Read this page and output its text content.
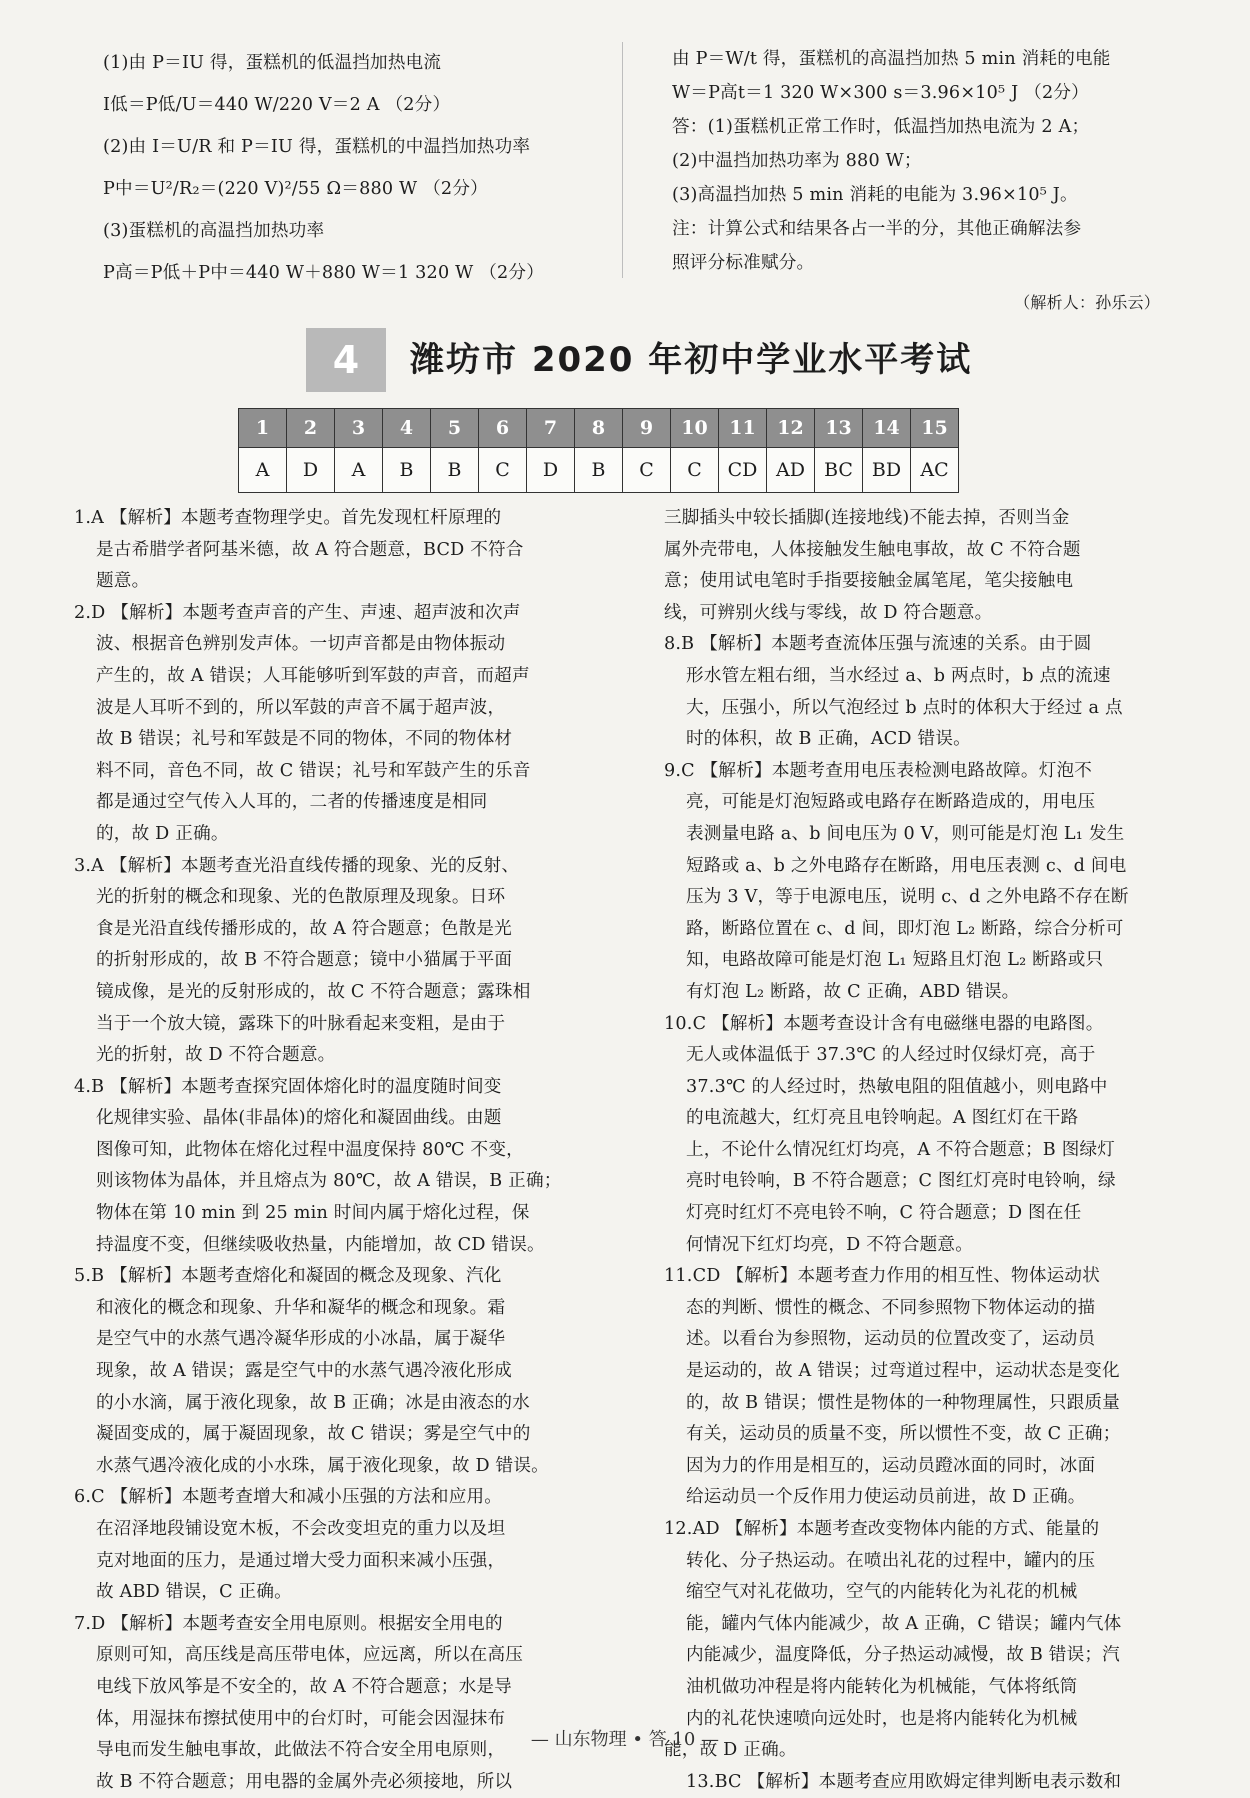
(1)由 P＝IU 得，蛋糕机的低温挡加热电流
I低＝P低/U＝440 W/220 V＝2 A （2分）
(2)由 I＝U/R 和 P＝IU 得，蛋糕机的中温挡加热功率
P中＝U²/R₂＝(220 V)²/55 Ω＝880 W （2分）
(3)蛋糕机的高温挡加热功率
P高＝P低＋P中＝440 W＋880 W＝1 320 W （2分）
由 P＝W/t 得，蛋糕机的高温挡加热 5 min 消耗的电能
W＝P高t＝1 320 W×300 s＝3.96×10⁵ J （2分）
答：(1)蛋糕机正常工作时，低温挡加热电流为 2 A；
(2)中温挡加热功率为 880 W；
(3)高温挡加热 5 min 消耗的电能为 3.96×10⁵ J。
注：计算公式和结果各占一半的分，其他正确解法参
照评分标准赋分。
（解析人：孙乐云）
4	潍坊市 2020 年初中学业水平考试
1	2	3	4	5	6	7	8	9	10	11	12	13	14	15
A	D	A	B	B	C	D	B	C	C	CD	AD	BC	BD	AC
1.A 【解析】本题考查物理学史。首先发现杠杆原理的
是古希腊学者阿基米德，故 A 符合题意，BCD 不符合
题意。
2.D 【解析】本题考查声音的产生、声速、超声波和次声
波、根据音色辨别发声体。一切声音都是由物体振动
产生的，故 A 错误；人耳能够听到军鼓的声音，而超声
波是人耳听不到的，所以军鼓的声音不属于超声波，
故 B 错误；礼号和军鼓是不同的物体，不同的物体材
料不同，音色不同，故 C 错误；礼号和军鼓产生的乐音
都是通过空气传入人耳的，二者的传播速度是相同
的，故 D 正确。
3.A 【解析】本题考查光沿直线传播的现象、光的反射、
光的折射的概念和现象、光的色散原理及现象。日环
食是光沿直线传播形成的，故 A 符合题意；色散是光
的折射形成的，故 B 不符合题意；镜中小猫属于平面
镜成像，是光的反射形成的，故 C 不符合题意；露珠相
当于一个放大镜，露珠下的叶脉看起来变粗，是由于
光的折射，故 D 不符合题意。
4.B 【解析】本题考查探究固体熔化时的温度随时间变
化规律实验、晶体(非晶体)的熔化和凝固曲线。由题
图像可知，此物体在熔化过程中温度保持 80℃ 不变，
则该物体为晶体，并且熔点为 80℃，故 A 错误，B 正确；
物体在第 10 min 到 25 min 时间内属于熔化过程，保
持温度不变，但继续吸收热量，内能增加，故 CD 错误。
5.B 【解析】本题考查熔化和凝固的概念及现象、汽化
和液化的概念和现象、升华和凝华的概念和现象。霜
是空气中的水蒸气遇冷凝华形成的小冰晶，属于凝华
现象，故 A 错误；露是空气中的水蒸气遇冷液化形成
的小水滴，属于液化现象，故 B 正确；冰是由液态的水
凝固变成的，属于凝固现象，故 C 错误；雾是空气中的
水蒸气遇冷液化成的小水珠，属于液化现象，故 D 错误。
6.C 【解析】本题考查增大和减小压强的方法和应用。
在沼泽地段铺设宽木板，不会改变坦克的重力以及坦
克对地面的压力，是通过增大受力面积来减小压强，
故 ABD 错误，C 正确。
7.D 【解析】本题考查安全用电原则。根据安全用电的
原则可知，高压线是高压带电体，应远离，所以在高压
电线下放风筝是不安全的，故 A 不符合题意；水是导
体，用湿抹布擦拭使用中的台灯时，可能会因湿抹布
导电而发生触电事故，此做法不符合安全用电原则，
故 B 不符合题意；用电器的金属外壳必须接地，所以
三脚插头中较长插脚(连接地线)不能去掉，否则当金
属外壳带电，人体接触发生触电事故，故 C 不符合题
意；使用试电笔时手指要接触金属笔尾，笔尖接触电
线，可辨别火线与零线，故 D 符合题意。
8.B 【解析】本题考查流体压强与流速的关系。由于圆
形水管左粗右细，当水经过 a、b 两点时，b 点的流速
大，压强小，所以气泡经过 b 点时的体积大于经过 a 点
时的体积，故 B 正确，ACD 错误。
9.C 【解析】本题考查用电压表检测电路故障。灯泡不
亮，可能是灯泡短路或电路存在断路造成的，用电压
表测量电路 a、b 间电压为 0 V，则可能是灯泡 L₁ 发生
短路或 a、b 之外电路存在断路，用电压表测 c、d 间电
压为 3 V，等于电源电压，说明 c、d 之外电路不存在断
路，断路位置在 c、d 间，即灯泡 L₂ 断路，综合分析可
知，电路故障可能是灯泡 L₁ 短路且灯泡 L₂ 断路或只
有灯泡 L₂ 断路，故 C 正确，ABD 错误。
10.C 【解析】本题考查设计含有电磁继电器的电路图。
无人或体温低于 37.3℃ 的人经过时仅绿灯亮，高于
37.3℃ 的人经过时，热敏电阻的阻值越小，则电路中
的电流越大，红灯亮且电铃响起。A 图红灯在干路
上，不论什么情况红灯均亮，A 不符合题意；B 图绿灯
亮时电铃响，B 不符合题意；C 图红灯亮时电铃响，绿
灯亮时红灯不亮电铃不响，C 符合题意；D 图在任
何情况下红灯均亮，D 不符合题意。
11.CD 【解析】本题考查力作用的相互性、物体运动状
态的判断、惯性的概念、不同参照物下物体运动的描
述。以看台为参照物，运动员的位置改变了，运动员
是运动的，故 A 错误；过弯道过程中，运动状态是变化
的，故 B 错误；惯性是物体的一种物理属性，只跟质量
有关，运动员的质量不变，所以惯性不变，故 C 正确；
因为力的作用是相互的，运动员蹬冰面的同时，冰面
给运动员一个反作用力使运动员前进，故 D 正确。
12.AD 【解析】本题考查改变物体内能的方式、能量的
转化、分子热运动。在喷出礼花的过程中，罐内的压
缩空气对礼花做功，空气的内能转化为礼花的机械
能，罐内气体内能减少，故 A 正确，C 错误；罐内气体
内能减少，温度降低，分子热运动减慢，故 B 错误；汽
油机做功冲程是将内能转化为机械能，气体将纸筒
内的礼花快速喷向远处时，也是将内能转化为机械
能，故 D 正确。
13.BC 【解析】本题考查应用欧姆定律判断电表示数和
— 山东物理 • 答 10 —
